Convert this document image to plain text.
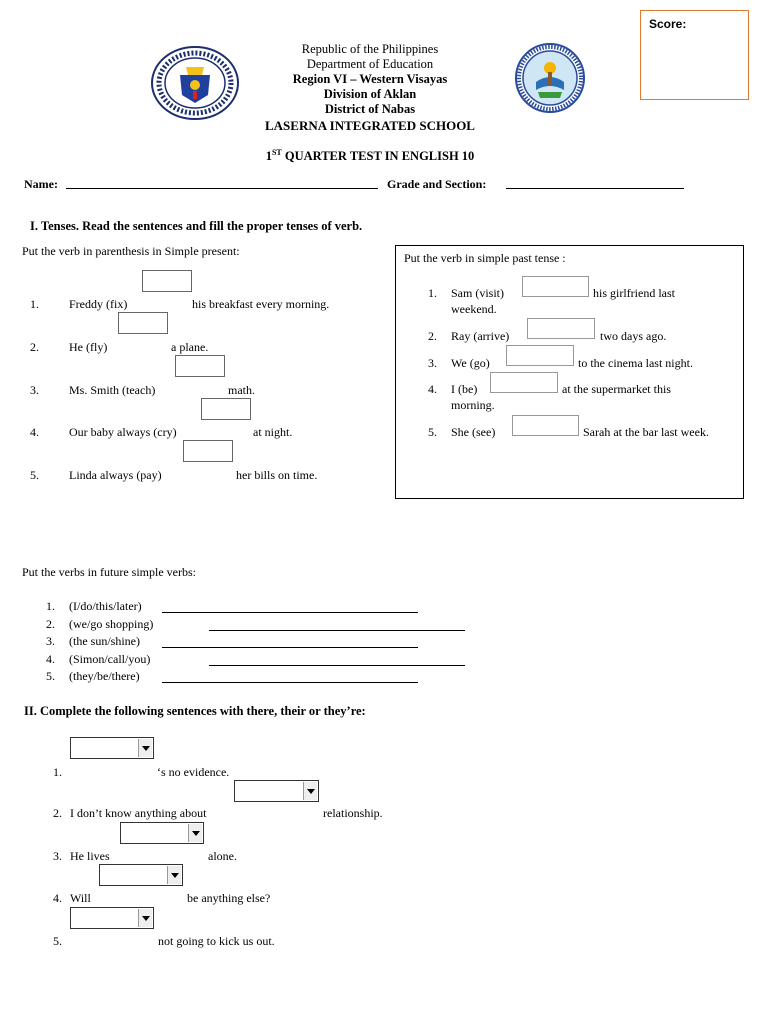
Score:
Republic of the Philippines
Department of Education
Region VI – Western Visayas
Division of Aklan
District of Nabas
LASERNA INTEGRATED SCHOOL
1ST QUARTER TEST IN ENGLISH 10
Name:	Grade and Section:
I. Tenses. Read the sentences and fill the proper tenses of verb.
Put the verb in parenthesis in Simple present:
1.	Freddy (fix)	his breakfast every morning.
2.	He (fly)	a plane.
3.	Ms. Smith (teach)	math.
4.	Our baby always (cry)	at night.
5.	Linda always (pay)	her bills on time.
Put the verb in simple past tense :
1. Sam (visit)	his girlfriend last
weekend.
2. Ray (arrive)	two days ago.
3. We (go)	to the cinema last night.
4. I (be)	at the supermarket this
morning.
5. She (see)	Sarah at the bar last week.
Put the verbs in future simple verbs:
1. (I/do/this/later)
2. (we/go shopping)
3. (the sun/shine)
4. (Simon/call/you)
5. (they/be/there)
II. Complete the following sentences with there, their or they’re:
1.	‘s no evidence.
2. I don’t know anything about	relationship.
3. He lives	alone.
4. Will	be anything else?
5.	not going to kick us out.
